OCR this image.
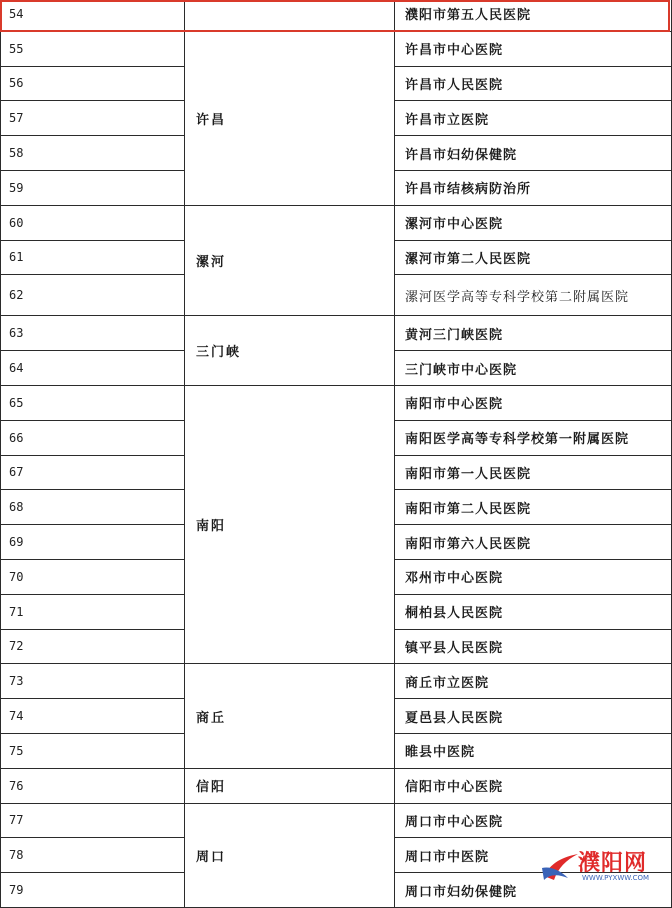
54		濮阳市第五人民医院
55	许昌	许昌市中心医院
56		许昌市人民医院
57		许昌市立医院
58		许昌市妇幼保健院
59		许昌市结核病防治所
60	漯河	漯河市中心医院
61		漯河市第二人民医院
62		漯河医学高等专科学校第二附属医院
63	三门峡	黄河三门峡医院
64		三门峡市中心医院
65	南阳	南阳市中心医院
66		南阳医学高等专科学校第一附属医院
67		南阳市第一人民医院
68		南阳市第二人民医院
69		南阳市第六人民医院
70		邓州市中心医院
71		桐柏县人民医院
72		镇平县人民医院
73	商丘	商丘市立医院
74		夏邑县人民医院
75		睢县中医院
76	信阳	信阳市中心医院
77	周口	周口市中心医院
78		周口市中医院
79		周口市妇幼保健院
濮阳网
WWW.PYXWW.COM
